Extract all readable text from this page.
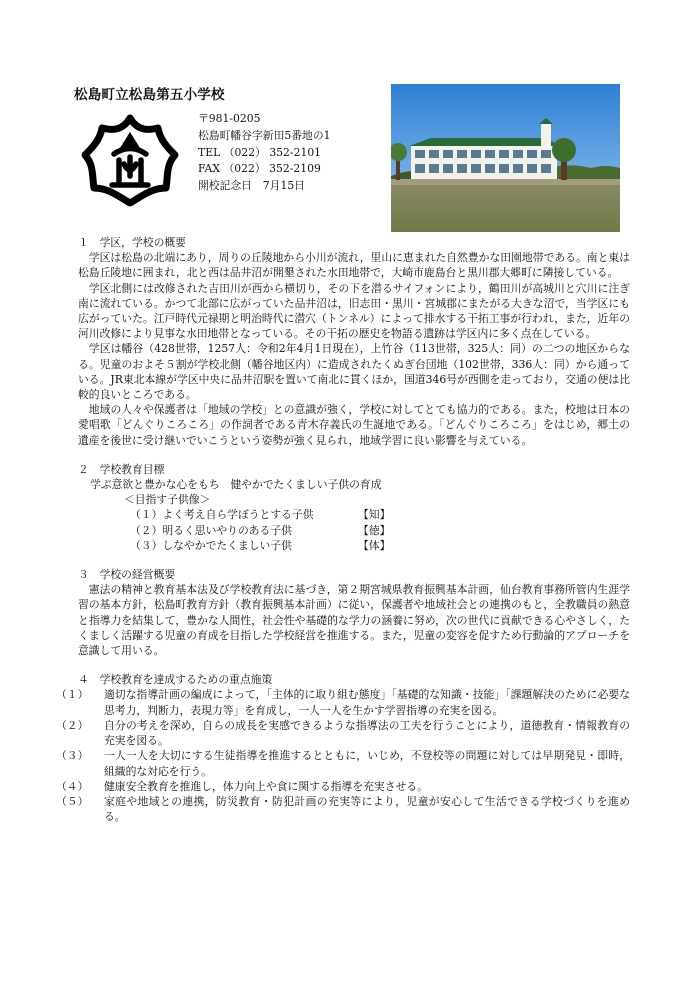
松島町立松島第五小学校
〒981-0205
松島町幡谷字新田5番地の1
TEL （022） 352-2101
FAX （022） 352-2109
開校記念日　7月15日
１　学区，学校の概要

学区は松島の北端にあり，周りの丘陵地から小川が流れ，里山に恵まれた自然豊かな田園地帯である。南と東は松島丘陵地に囲まれ，北と西は品井沼が開墾された水田地帯で，大崎市鹿島台と黒川郡大郷町に隣接している。

学区北側には改修された吉田川が西から横切り，その下を潜るサイフォンにより，鶴田川が高城川と穴川に注ぎ南に流れている。かつて北部に広がっていた品井沼は，旧志田・黒川・宮城郡にまたがる大きな沼で，当学区にも広がっていた。江戸時代元禄期と明治時代に潜穴（トンネル）によって排水する干拓工事が行われ，また，近年の河川改修により見事な水田地帯となっている。その干拓の歴史を物語る遺跡は学区内に多く点在している。

学区は幡谷（428世帯，1257人：令和2年4月1日現在），上竹谷（113世帯，325人：同）の二つの地区からなる。児童のおよそ５割が学校北側（幡谷地区内）に造成されたくぬぎ台団地（102世帯，336人：同）から通っている。JR東北本線が学区中央に品井沼駅を置いて南北に貫くほか，国道346号が西側を走っており，交通の便は比較的良いところである。

地域の人々や保護者は「地域の学校」との意識が強く，学校に対してとても協力的である。また，校地は日本の愛唱歌「どんぐりころころ」の作詞者である青木存義氏の生誕地である。「どんぐりころころ」をはじめ，郷土の遺産を後世に受け継いでいこうという姿勢が強く見られ，地域学習に良い影響を与えている。

２　学校教育目標
学ぶ意欲と豊かな心をもち　健やかでたくましい子供の育成
＜目指す子供像＞
（１）よく考え自ら学ぼうとする子供	【知】
（２）明るく思いやりのある子供	【徳】
（３）しなやかでたくましい子供	【体】
３　学校の経営概要

憲法の精神と教育基本法及び学校教育法に基づき，第２期宮城県教育振興基本計画，仙台教育事務所管内生涯学習の基本方針，松島町教育方針（教育振興基本計画）に従い，保護者や地域社会との連携のもと，全教職員の熱意と指導力を結集して，豊かな人間性，社会性や基礎的な学力の涵養に努め，次の世代に貢献できる心やさしく，たくましく活躍する児童の育成を目指した学校経営を推進する。また，児童の変容を促すため行動論的アプローチを意識して用いる。

４　学校教育を達成するための重点施策
（１） 適切な指導計画の編成によって，「主体的に取り組む態度」「基礎的な知識・技能」「課題解決のために必要な思考力，判断力，表現力等」を育成し，一人一人を生かす学習指導の充実を図る。
（２） 自分の考えを深め，自らの成長を実感できるような指導法の工夫を行うことにより，道徳教育・情報教育の充実を図る。
（３） 一人一人を大切にする生徒指導を推進するとともに，いじめ，不登校等の問題に対しては早期発見・即時，組織的な対応を行う。
（４） 健康安全教育を推進し，体力向上や食に関する指導を充実させる。
（５） 家庭や地域との連携，防災教育・防犯計画の充実等により，児童が安心して生活できる学校づくりを進める。
